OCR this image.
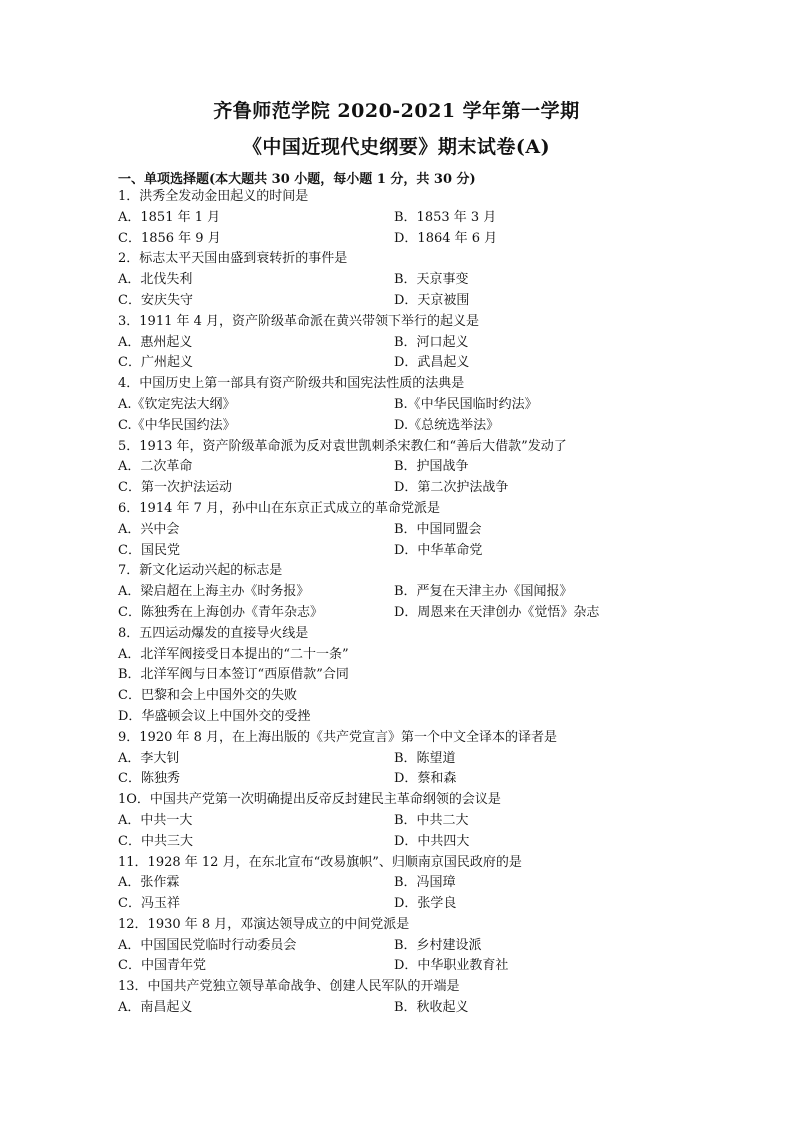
齐鲁师范学院 2020-2021 学年第一学期
《中国近现代史纲要》期末试卷(A)
一、单项选择题(本大题共 30 小题，每小题 1 分，共 30 分)
1．洪秀全发动金田起义的时间是
A．1851 年 1 月	B．1853 年 3 月
C．1856 年 9 月	D．1864 年 6 月
2．标志太平天国由盛到衰转折的事件是
A．北伐失利	B．天京事变
C．安庆失守	D．天京被围
3．1911 年 4 月，资产阶级革命派在黄兴带领下举行的起义是
A．惠州起义	B．河口起义
C．广州起义	D．武昌起义
4．中国历史上第一部具有资产阶级共和国宪法性质的法典是
A.《钦定宪法大纲》	B.《中华民国临时约法》
C.《中华民国约法》	D.《总统选举法》
5．1913 年，资产阶级革命派为反对袁世凯刺杀宋教仁和“善后大借款”发动了
A．二次革命	B．护国战争
C．第一次护法运动	D．第二次护法战争
6．1914 年 7 月，孙中山在东京正式成立的革命党派是
A．兴中会	B．中国同盟会
C．国民党	D．中华革命党
7．新文化运动兴起的标志是
A．梁启超在上海主办《时务报》	B．严复在天津主办《国闻报》
C．陈独秀在上海创办《青年杂志》	D．周恩来在天津创办《觉悟》杂志
8．五四运动爆发的直接导火线是
A．北洋军阀接受日本提出的“二十一条”
B．北洋军阀与日本签订“西原借款”合同
C．巴黎和会上中国外交的失败
D．华盛顿会议上中国外交的受挫
9．1920 年 8 月，在上海出版的《共产党宣言》第一个中文全译本的译者是
A．李大钊	B．陈望道
C．陈独秀	D．蔡和森
1O．中国共产党第一次明确提出反帝反封建民主革命纲领的会议是
A．中共一大	B．中共二大
C．中共三大	D．中共四大
11．1928 年 12 月，在东北宣布“改易旗帜”、归顺南京国民政府的是
A．张作霖	B．冯国璋
C．冯玉祥	D．张学良
12．1930 年 8 月，邓演达领导成立的中间党派是
A．中国国民党临时行动委员会	B．乡村建设派
C．中国青年党	D．中华职业教育社
13．中国共产党独立领导革命战争、创建人民军队的开端是
A．南昌起义	B．秋收起义
